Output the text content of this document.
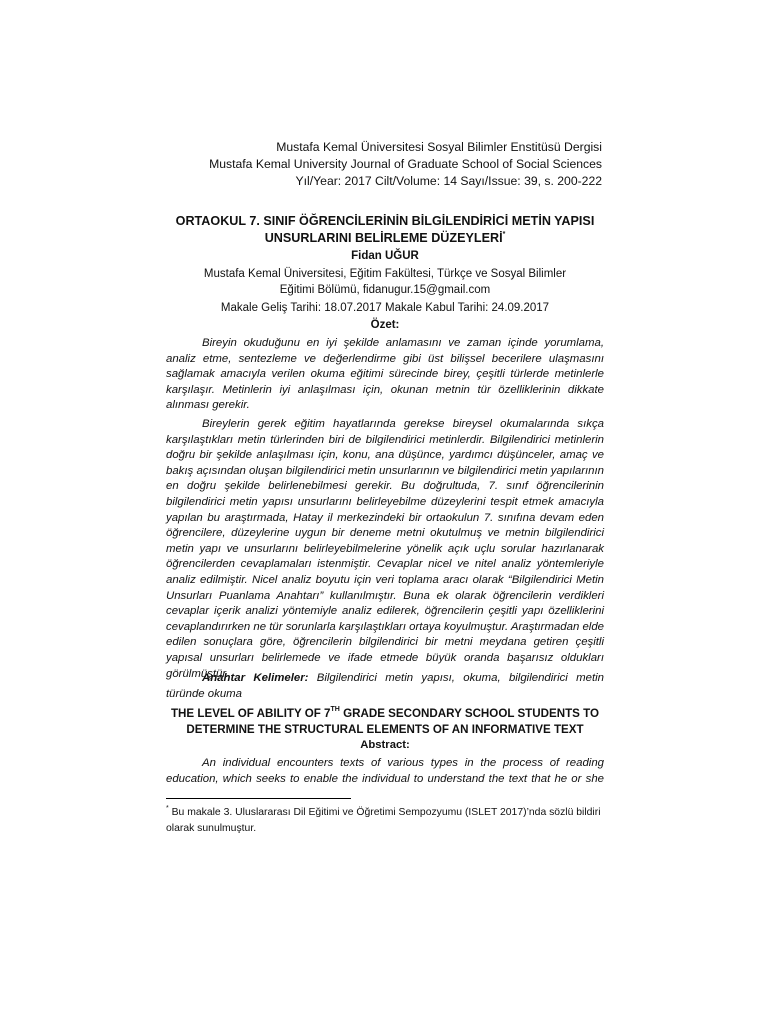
Mustafa Kemal Üniversitesi Sosyal Bilimler Enstitüsü Dergisi
Mustafa Kemal University Journal of Graduate School of Social Sciences
Yıl/Year: 2017 Cilt/Volume: 14 Sayı/Issue: 39, s. 200-222
ORTAOKUL 7. SINIF ÖĞRENCİLERİNİN BİLGİLENDİRİCİ METİN YAPISI
UNSURLARINI BELİRLEME DÜZEYLERİ*
Fidan UĞUR
Mustafa Kemal Üniversitesi, Eğitim Fakültesi, Türkçe ve Sosyal Bilimler
Eğitimi Bölümü, fidanugur.15@gmail.com
Makale Geliş Tarihi: 18.07.2017 Makale Kabul Tarihi: 24.09.2017
Özet:
Bireyin okuduğunu en iyi şekilde anlamasını ve zaman içinde yorumlama, analiz etme, sentezleme ve değerlendirme gibi üst bilişsel becerilere ulaşmasını sağlamak amacıyla verilen okuma eğitimi sürecinde birey, çeşitli türlerde metinlerle karşılaşır. Metinlerin iyi anlaşılması için, okunan metnin tür özelliklerinin dikkate alınması gerekir.
Bireylerin gerek eğitim hayatlarında gerekse bireysel okumalarında sıkça karşılaştıkları metin türlerinden biri de bilgilendirici metinlerdir. Bilgilendirici metinlerin doğru bir şekilde anlaşılması için, konu, ana düşünce, yardımcı düşünceler, amaç ve bakış açısından oluşan bilgilendirici metin unsurlarının ve bilgilendirici metin yapılarının en doğru şekilde belirlenebilmesi gerekir. Bu doğrultuda, 7. sınıf öğrencilerinin bilgilendirici metin yapısı unsurlarını belirleyebilme düzeylerini tespit etmek amacıyla yapılan bu araştırmada, Hatay il merkezindeki bir ortaokulun 7. sınıfına devam eden öğrencilere, düzeylerine uygun bir deneme metni okutulmuş ve metnin bilgilendirici metin yapı ve unsurlarını belirleyebilmelerine yönelik açık uçlu sorular hazırlanarak öğrencilerden cevaplamaları istenmiştir. Cevaplar nicel ve nitel analiz yöntemleriyle analiz edilmiştir. Nicel analiz boyutu için veri toplama aracı olarak “Bilgilendirici Metin Unsurları Puanlama Anahtarı” kullanılmıştır. Buna ek olarak öğrencilerin verdikleri cevaplar içerik analizi yöntemiyle analiz edilerek, öğrencilerin çeşitli yapı özelliklerini cevaplandırırken ne tür sorunlarla karşılaştıkları ortaya koyulmuştur. Araştırmadan elde edilen sonuçlara göre, öğrencilerin bilgilendirici bir metni meydana getiren çeşitli yapısal unsurları belirlemede ve ifade etmede büyük oranda başarısız oldukları görülmüştür.
Anahtar Kelimeler: Bilgilendirici metin yapısı, okuma, bilgilendirici metin türünde okuma
THE LEVEL OF ABILITY OF 7TH GRADE SECONDARY SCHOOL STUDENTS TO
DETERMINE THE STRUCTURAL ELEMENTS OF AN INFORMATIVE TEXT
Abstract:
An individual encounters texts of various types in the process of reading
education, which seeks to enable the individual to understand the text that he or she
* Bu makale 3. Uluslararası Dil Eğitimi ve Öğretimi Sempozyumu (ISLET 2017)’nda sözlü bildiri
olarak sunulmuştur.
